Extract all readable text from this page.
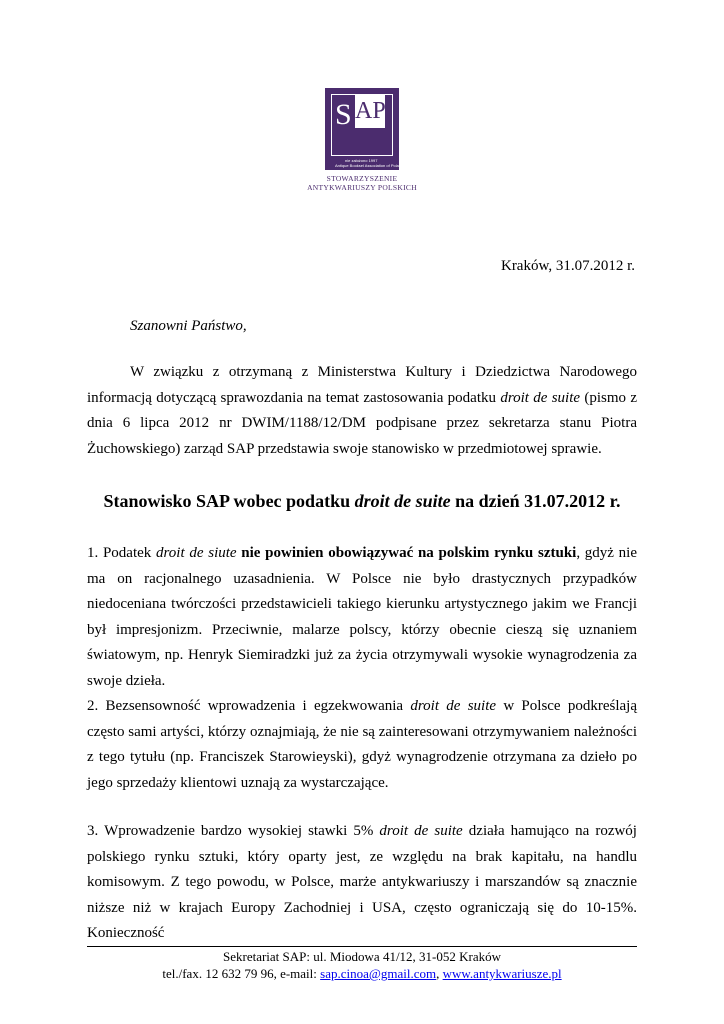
S AP
nie założono 1997
Antique Booksel Association of Poland
STOWARZYSZENIE
ANTYKWARIUSZY POLSKICH
Kraków, 31.07.2012 r.
Szanowni Państwo,
W związku z otrzymaną z Ministerstwa Kultury i Dziedzictwa Narodowego informacją dotyczącą sprawozdania na temat zastosowania podatku droit de suite (pismo z dnia 6 lipca 2012 nr DWIM/1188/12/DM podpisane przez sekretarza stanu Piotra Żuchowskiego) zarząd SAP przedstawia swoje stanowisko w przedmiotowej sprawie.
Stanowisko SAP wobec podatku droit de suite na dzień 31.07.2012 r.
1. Podatek droit de siute nie powinien obowiązywać na polskim rynku sztuki, gdyż nie ma on racjonalnego uzasadnienia. W Polsce nie było drastycznych przypadków niedoceniana twórczości przedstawicieli takiego kierunku artystycznego jakim we Francji był impresjonizm. Przeciwnie, malarze polscy, którzy obecnie cieszą się uznaniem światowym, np. Henryk Siemiradzki już za życia otrzymywali wysokie wynagrodzenia za swoje dzieła.
2. Bezsensowność wprowadzenia i egzekwowania droit de suite w Polsce podkreślają często sami artyści, którzy oznajmiają, że nie są zainteresowani otrzymywaniem należności z tego tytułu (np. Franciszek Starowieyski), gdyż wynagrodzenie otrzymana za dzieło po jego sprzedaży klientowi uznają za wystarczające.
3. Wprowadzenie bardzo wysokiej stawki 5% droit de suite działa hamująco na rozwój polskiego rynku sztuki, który oparty jest, ze względu na brak kapitału, na handlu komisowym. Z tego powodu, w Polsce, marże antykwariuszy i marszandów są znacznie niższe niż w krajach Europy Zachodniej i USA, często ograniczają się do 10-15%. Konieczność
Sekretariat SAP: ul. Miodowa 41/12, 31-052 Kraków
tel./fax. 12 632 79 96, e-mail: sap.cinoa@gmail.com, www.antykwariusze.pl
